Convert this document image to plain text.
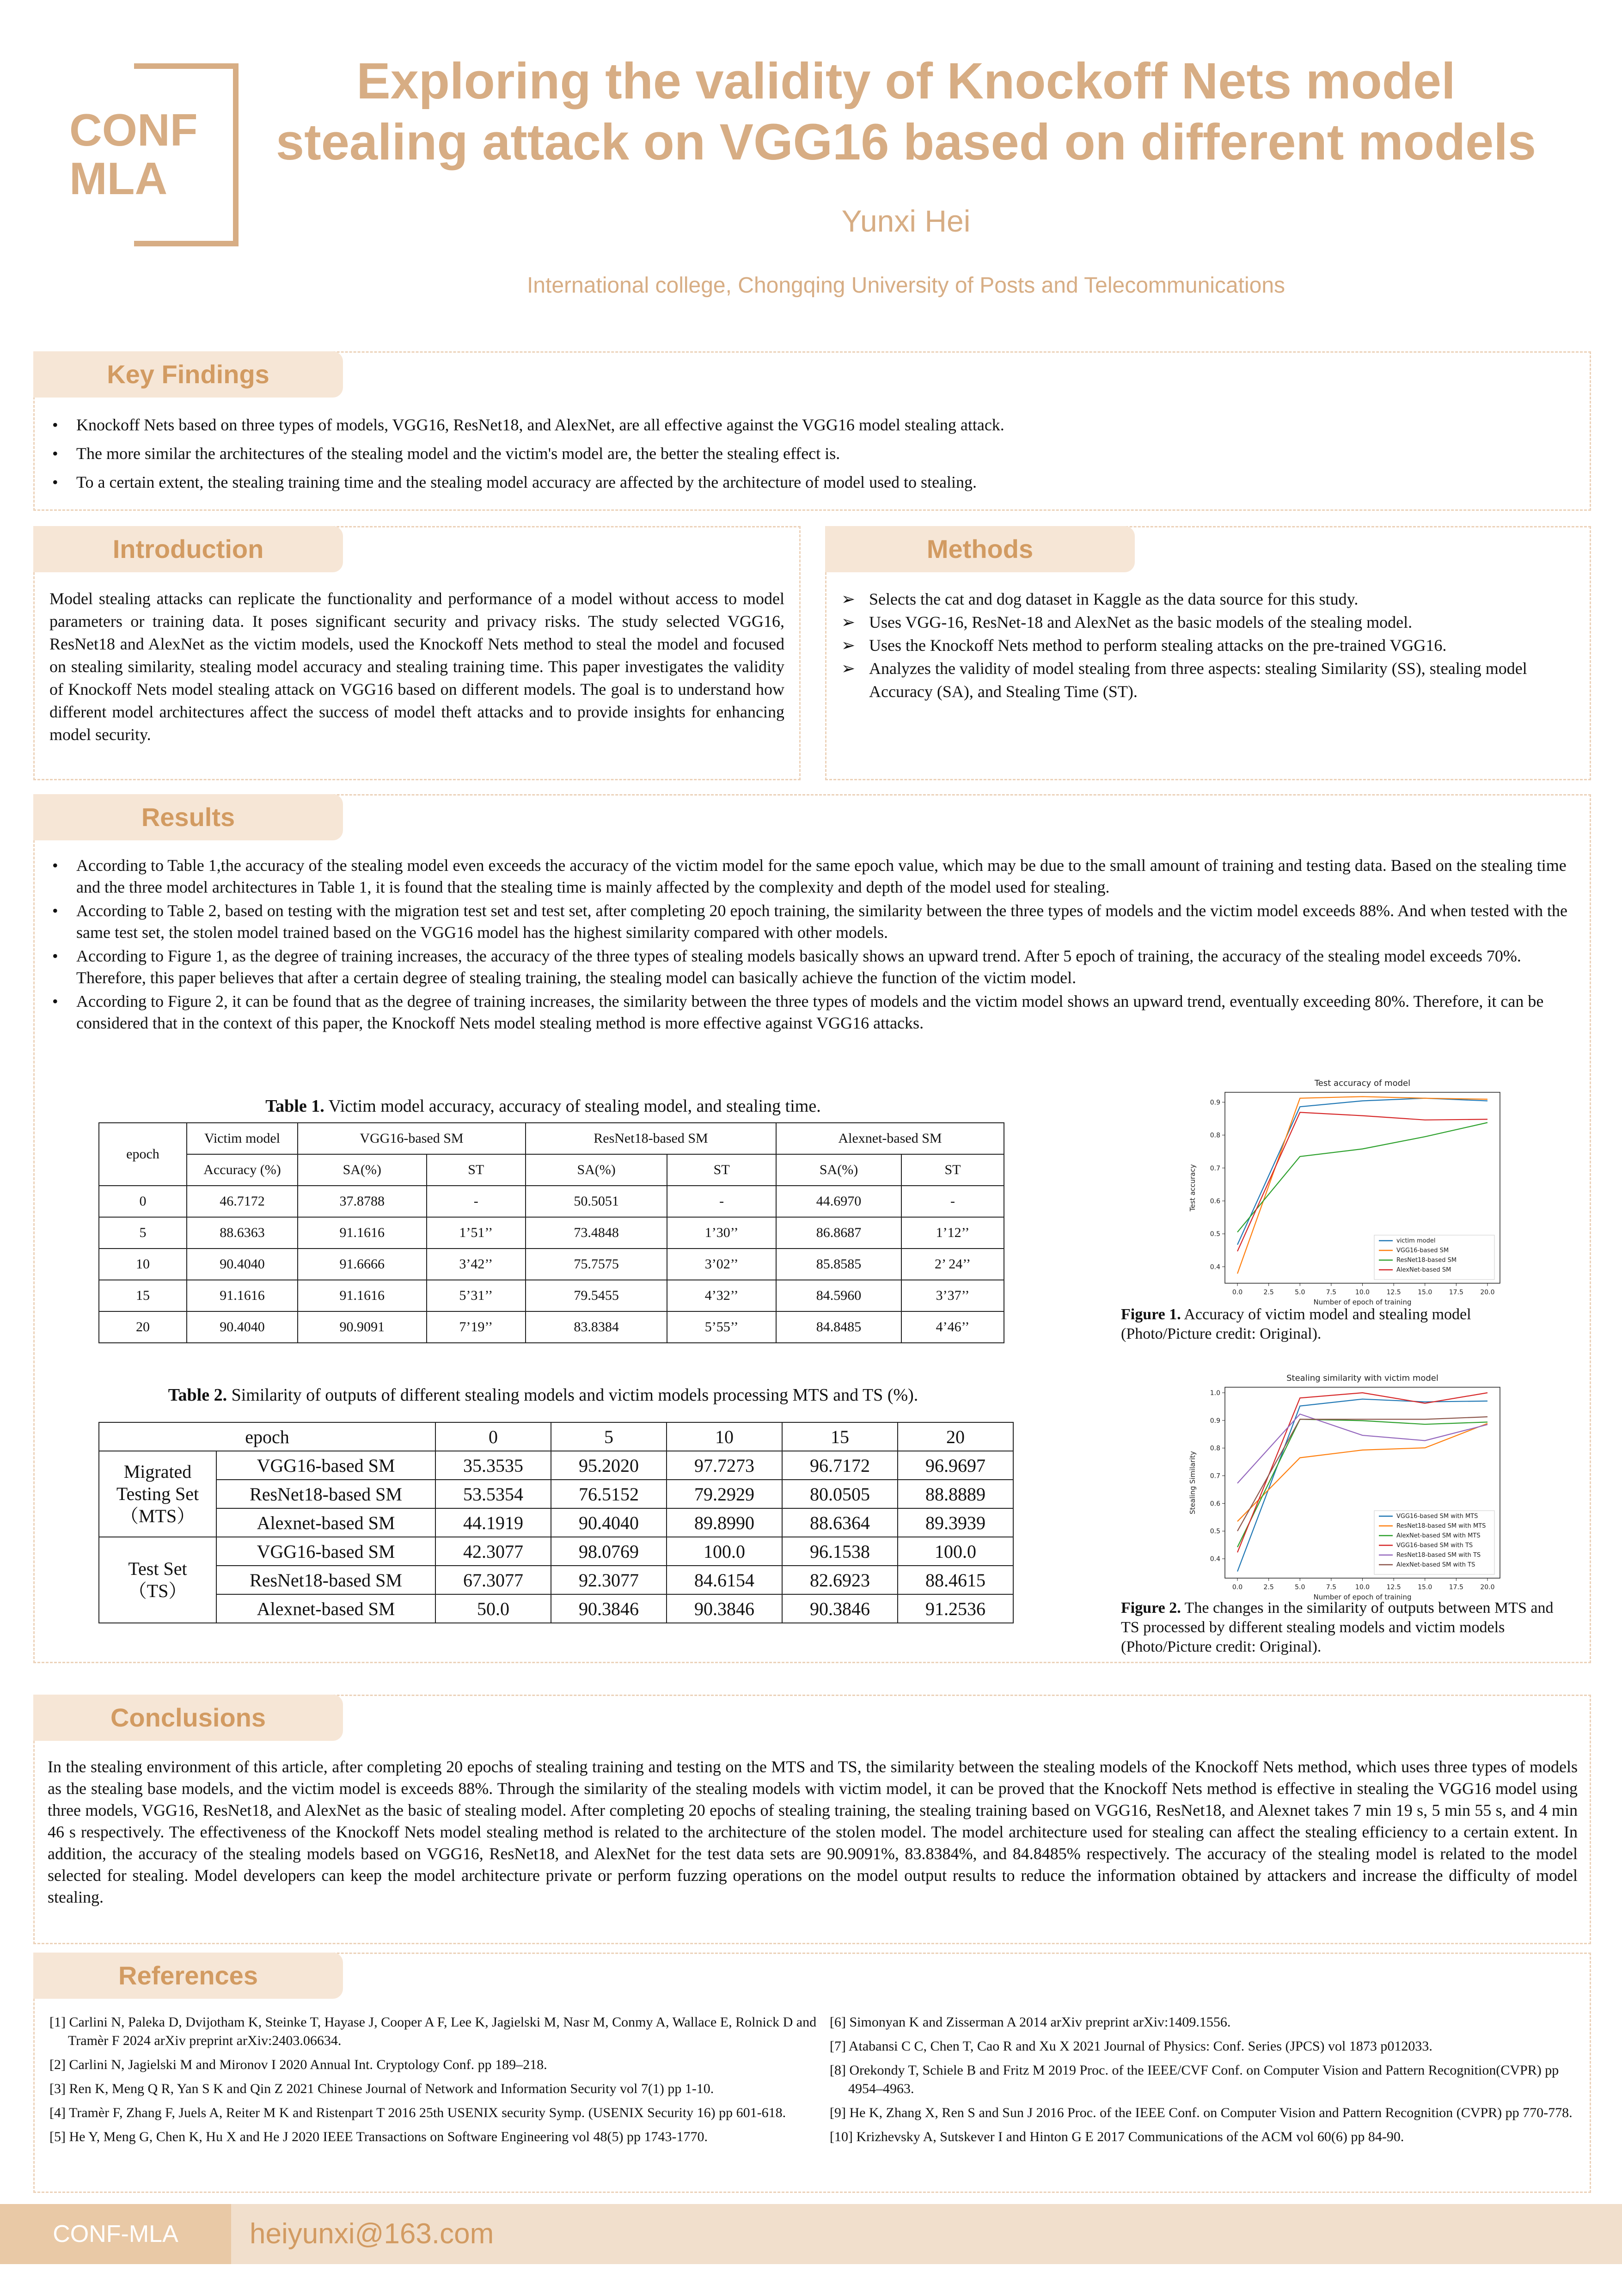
CONF
MLA
Exploring the validity of Knockoff Nets model
stealing attack on VGG16 based on different models
Yunxi Hei
International college, Chongqing University of Posts and Telecommunications
Key Findings
• Knockoff Nets based on three types of models, VGG16, ResNet18, and AlexNet, are all effective against the VGG16 model stealing attack.
• The more similar the architectures of the stealing model and the victim's model are, the better the stealing effect is.
• To a certain extent, the stealing training time and the stealing model accuracy are affected by the architecture of model used to stealing.
Introduction
Model stealing attacks can replicate the functionality and performance of a model without access to model parameters or training data. It poses significant security and privacy risks. The study selected VGG16, ResNet18 and AlexNet as the victim models, used the Knockoff Nets method to steal the model and focused on stealing similarity, stealing model accuracy and stealing training time. This paper investigates the validity of Knockoff Nets model stealing attack on VGG16 based on different models. The goal is to understand how different model architectures affect the success of model theft attacks and to provide insights for enhancing model security.
Methods
➢ Selects the cat and dog dataset in Kaggle as the data source for this study.
➢ Uses VGG-16, ResNet-18 and AlexNet as the basic models of the stealing model.
➢ Uses the Knockoff Nets method to perform stealing attacks on the pre-trained VGG16.
➢ Analyzes the validity of model stealing from three aspects: stealing Similarity (SS), stealing model Accuracy (SA), and Stealing Time (ST).
Results
• According to Table 1,the accuracy of the stealing model even exceeds the accuracy of the victim model for the same epoch value, which may be due to the small amount of training and testing data. Based on the stealing time and the three model architectures in Table 1, it is found that the stealing time is mainly affected by the complexity and depth of the model used for stealing.
• According to Table 2, based on testing with the migration test set and test set, after completing 20 epoch training, the similarity between the three types of models and the victim model exceeds 88%. And when tested with the same test set, the stolen model trained based on the VGG16 model has the highest similarity compared with other models.
• According to Figure 1, as the degree of training increases, the accuracy of the three types of stealing models basically shows an upward trend. After 5 epoch of training, the accuracy of the stealing model exceeds 70%. Therefore, this paper believes that after a certain degree of stealing training, the stealing model can basically achieve the function of the victim model.
• According to Figure 2, it can be found that as the degree of training increases, the similarity between the three types of models and the victim model shows an upward trend, eventually exceeding 80%. Therefore, it can be considered that in the context of this paper, the Knockoff Nets model stealing method is more effective against VGG16 attacks.
Table 1. Victim model accuracy, accuracy of stealing model, and stealing time.
epoch	Victim model	VGG16-based SM		ResNet18-based SM		Alexnet-based SM	
	Accuracy (%)	SA(%)	ST	SA(%)	ST	SA(%)	ST
0	46.7172	37.8788	-	50.5051	-	44.6970	-
5	88.6363	91.1616	1’51’’	73.4848	1’30’’	86.8687	1’12’’
10	90.4040	91.6666	3’42’’	75.7575	3’02’’	85.8585	2’ 24’’
15	91.1616	91.1616	5’31’’	79.5455	4’32’’	84.5960	3’37’’
20	90.4040	90.9091	7’19’’	83.8384	5’55’’	84.8485	4’46’’
Table 2. Similarity of outputs of different stealing models and victim models processing MTS and TS (%).
epoch		0	5	10	15	20

Migrated
Testing Set
（MTS）	VGG16-based SM	35.3535	95.2020	97.7273	96.7172	96.9697
	ResNet18-based SM	53.5354	76.5152	79.2929	80.0505	88.8889
	Alexnet-based SM	44.1919	90.4040	89.8990	88.6364	89.3939

Test Set
（TS）	VGG16-based SM	42.3077	98.0769	100.0	96.1538	100.0
	ResNet18-based SM	67.3077	92.3077	84.6154	82.6923	88.4615
	Alexnet-based SM	50.0	90.3846	90.3846	90.3846	91.2536
Test accuracy of model
0.0	2.5	5.0	7.5	10.0	12.5	15.0	17.5	20.0
0.4
0.5
0.6
0.7
0.8
0.9
Number of epoch of training
Test accuracy
victim model
VGG16-based SM
ResNet18-based SM
AlexNet-based SM
Figure 1. Accuracy of victim model and stealing model (Photo/Picture credit: Original).
Stealing similarity with victim model
0.0	2.5	5.0	7.5	10.0	12.5	15.0	17.5	20.0
0.4
0.5
0.6
0.7
0.8
0.9
1.0
Number of epoch of training
Stealing Similarity
VGG16-based SM with MTS
ResNet18-based SM with MTS
AlexNet-based SM with MTS
VGG16-based SM with TS
ResNet18-based SM with TS
AlexNet-based SM with TS
Figure 2. The changes in the similarity of outputs between MTS and TS processed by different stealing models and victim models (Photo/Picture credit: Original).
Conclusions
In the stealing environment of this article, after completing 20 epochs of stealing training and testing on the MTS and TS, the similarity between the stealing models of the Knockoff Nets method, which uses three types of models as the stealing base models, and the victim model is exceeds 88%. Through the similarity of the stealing models with victim model, it can be proved that the Knockoff Nets method is effective in stealing the VGG16 model using three models, VGG16, ResNet18, and AlexNet as the basic of stealing model. After completing 20 epochs of stealing training, the stealing training based on VGG16, ResNet18, and Alexnet takes 7 min 19 s, 5 min 55 s, and 4 min 46 s respectively. The effectiveness of the Knockoff Nets model stealing method is related to the architecture of the stolen model. The model architecture used for stealing can affect the stealing efficiency to a certain extent. In addition, the accuracy of the stealing models based on VGG16, ResNet18, and AlexNet for the test data sets are 90.9091%, 83.8384%, and 84.8485% respectively. The accuracy of the stealing model is related to the model selected for stealing. Model developers can keep the model architecture private or perform fuzzing operations on the model output results to reduce the information obtained by attackers and increase the difficulty of model stealing.
References

[1] Carlini N, Paleka D, Dvijotham K, Steinke T, Hayase J, Cooper A F, Lee K, Jagielski M, Nasr M, Conmy A, Wallace E, Rolnick D and Tramèr F 2024 arXiv preprint arXiv:2403.06634.

[2] Carlini N, Jagielski M and Mironov I 2020 Annual Int. Cryptology Conf. pp 189–218.

[3] Ren K, Meng Q R, Yan S K and Qin Z 2021 Chinese Journal of Network and Information Security vol 7(1) pp 1-10.

[4] Tramèr F, Zhang F, Juels A, Reiter M K and Ristenpart T 2016 25th USENIX security Symp. (USENIX Security 16) pp 601-618.

[5] He Y, Meng G, Chen K, Hu X and He J 2020 IEEE Transactions on Software Engineering vol 48(5) pp 1743-1770.

[6] Simonyan K and Zisserman A 2014 arXiv preprint arXiv:1409.1556.

[7] Atabansi C C, Chen T, Cao R and Xu X 2021 Journal of Physics: Conf. Series (JPCS) vol 1873 p012033.

[8] Orekondy T, Schiele B and Fritz M 2019 Proc. of the IEEE/CVF Conf. on Computer Vision and Pattern Recognition(CVPR) pp 4954–4963.

[9] He K, Zhang X, Ren S and Sun J 2016 Proc. of the IEEE Conf. on Computer Vision and Pattern Recognition (CVPR) pp 770-778.

[10] Krizhevsky A, Sutskever I and Hinton G E 2017 Communications of the ACM vol 60(6) pp 84-90.

CONF-MLA	heiyunxi@163.com
